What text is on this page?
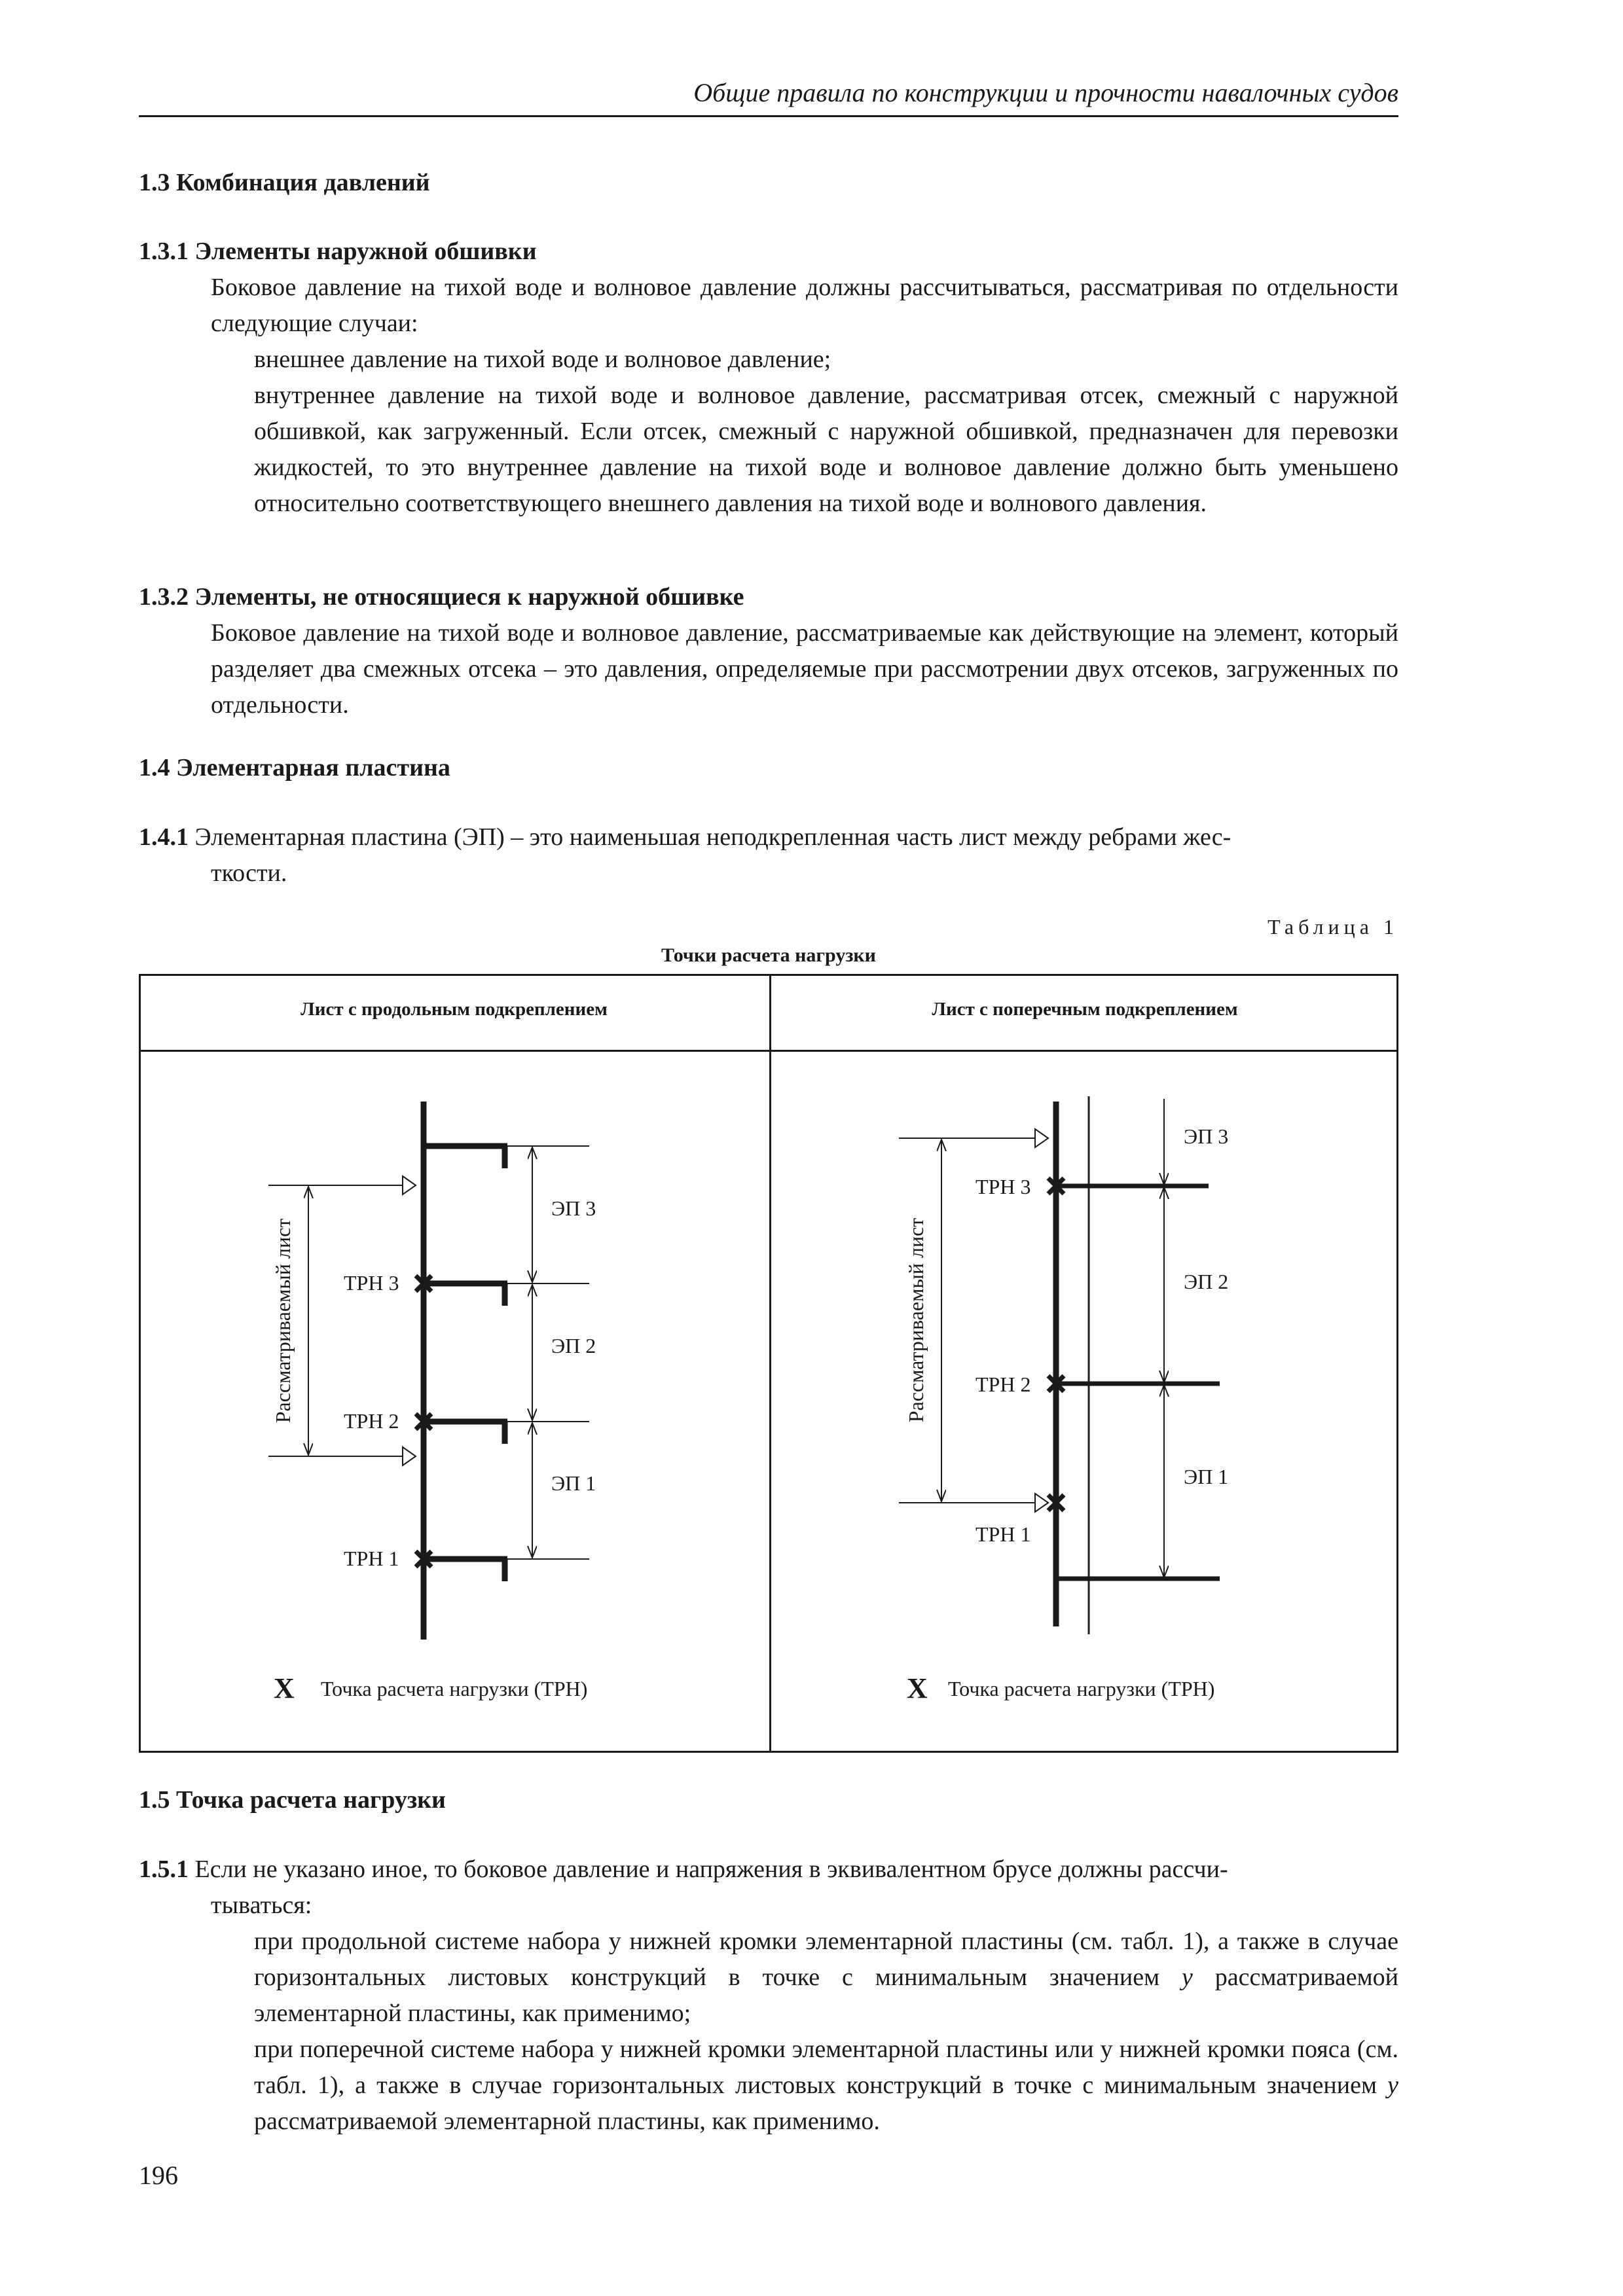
Общие правила по конструкции и прочности навалочных судов

1.3 Комбинация давлений

1.3.1 Элементы наружной обшивки

Боковое давление на тихой воде и волновое давление должны рассчитываться, рассматривая по отдельности следующие случаи:

внешнее давление на тихой воде и волновое давление;

внутреннее давление на тихой воде и волновое давление, рассматривая отсек, смежный с наружной обшивкой, как загруженный. Если отсек, смежный с наружной обшивкой, предназначен для перевозки жидкостей, то это внутреннее давление на тихой воде и волновое давление должно быть уменьшено относительно соответствующего внешнего давления на тихой воде и волнового давления.

1.3.2 Элементы, не относящиеся к наружной обшивке

Боковое давление на тихой воде и волновое давление, рассматриваемые как действующие на элемент, который разделяет два смежных отсека – это давления, определяемые при рассмотрении двух отсеков, загруженных по отдельности.

1.4 Элементарная пластина

1.4.1 Элементарная пластина (ЭП) – это наименьшая неподкрепленная часть лист между ребрами жес-
ткости.

Таблица 1
Точки расчета нагрузки
Лист с продольным подкреплением	Лист с поперечным подкреплением
ЭП 3
ЭП 2
ЭП 1
Рассматриваемый лист ТРН 3
ТРН 2
ТРН 1
X Точка расчета нагрузки (ТРН)
ЭП 3
ЭП 2
ЭП 1
Рассматриваемый лист
ТРН 3
ТРН 2
ТРН 1
X Точка расчета нагрузки (ТРН)

1.5 Точка расчета нагрузки

1.5.1 Если не указано иное, то боковое давление и напряжения в эквивалентном брусе должны рассчи-
тываться:

при продольной системе набора у нижней кромки элементарной пластины (см. табл. 1), а также в случае горизонтальных листовых конструкций в точке с минимальным значением y рассматриваемой элементарной пластины, как применимо;

при поперечной системе набора у нижней кромки элементарной пластины или у нижней кромки пояса (см. табл. 1), а также в случае горизонтальных листовых конструкций в точке с минимальным значением y рассматриваемой элементарной пластины, как применимо.

196
